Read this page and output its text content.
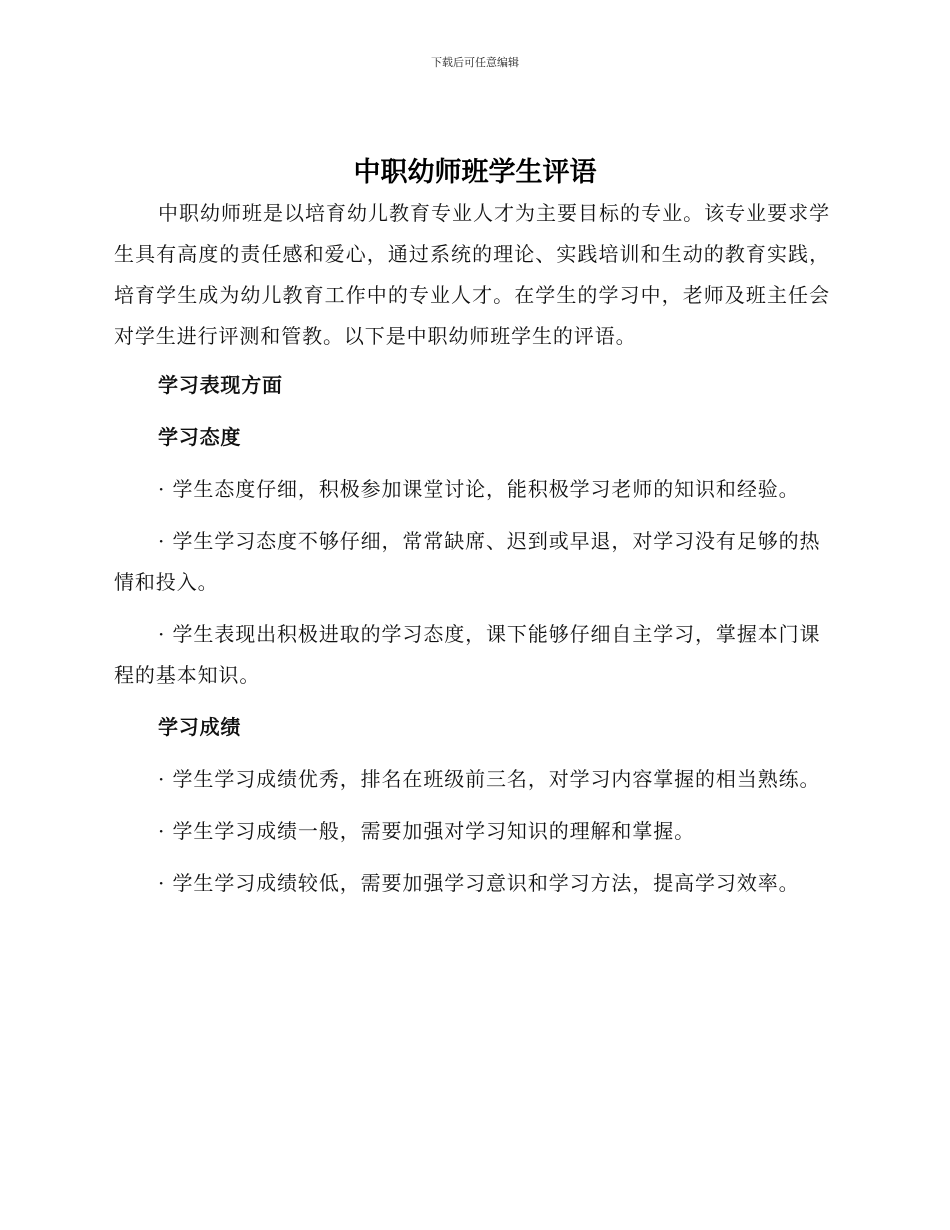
下载后可任意编辑
中职幼师班学生评语

中职幼师班是以培育幼儿教育专业人才为主要目标的专业。该专业要求学生具有高度的责任感和爱心，通过系统的理论、实践培训和生动的教育实践，培育学生成为幼儿教育工作中的专业人才。在学生的学习中，老师及班主任会对学生进行评测和管教。以下是中职幼师班学生的评语。

学习表现方面

学习态度

· 学生态度仔细，积极参加课堂讨论，能积极学习老师的知识和经验。

· 学生学习态度不够仔细，常常缺席、迟到或早退，对学习没有足够的热情和投入。

· 学生表现出积极进取的学习态度，课下能够仔细自主学习，掌握本门课程的基本知识。

学习成绩

· 学生学习成绩优秀，排名在班级前三名，对学习内容掌握的相当熟练。

· 学生学习成绩一般，需要加强对学习知识的理解和掌握。

· 学生学习成绩较低，需要加强学习意识和学习方法，提高学习效率。
